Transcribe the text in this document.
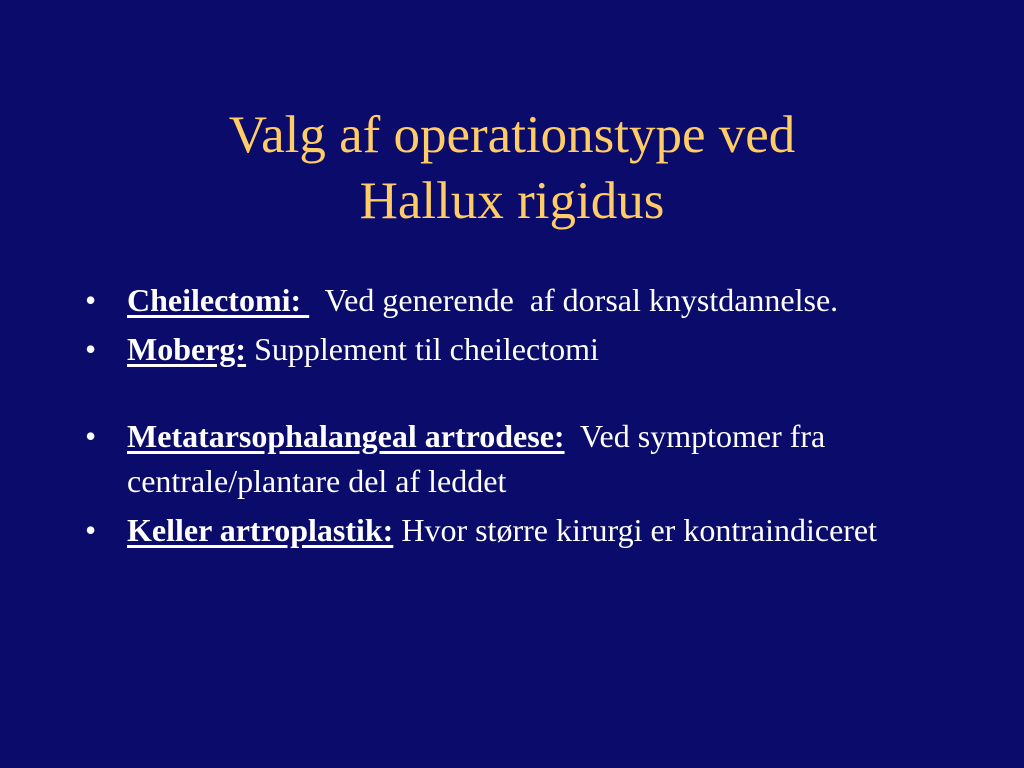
Valg af operationstype ved
Hallux rigidus
• Cheilectomi:   Ved generende  af dorsal knystdannelse.
• Moberg: Supplement til cheilectomi
• Metatarsophalangeal artrodese:  Ved symptomer fra  centrale/plantare del af leddet
• Keller artroplastik: Hvor større kirurgi er kontraindiceret
